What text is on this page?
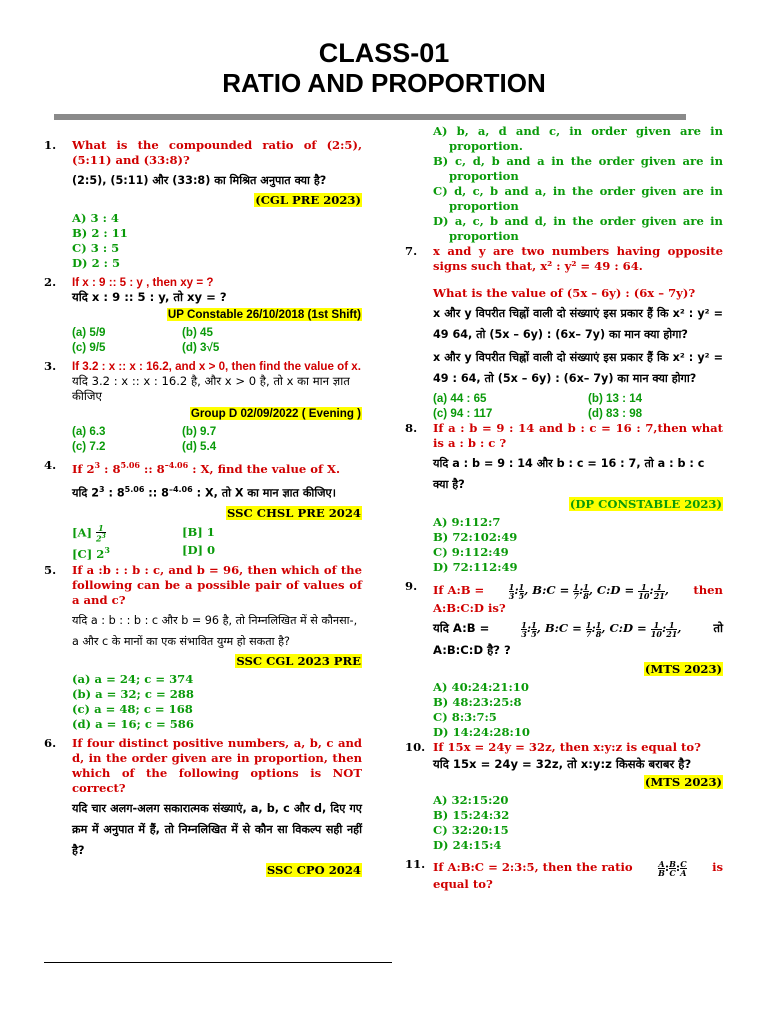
CLASS-01
RATIO AND PROPORTION
1.	What is the compounded ratio of (2:5), (5:11) and (33:8)?
(2:5), (5:11) और (33:8) का मिश्रित अनुपात क्या है?
(CGL PRE 2023)
A) 3 : 4
B) 2 : 11
C) 3 : 5
D) 2 : 5
2.	If x : 9 :: 5 : y , then xy = ?
यदि x : 9 :: 5 : y, तो xy = ?
UP Constable 26/10/2018 (1st Shift)
(a) 5/9	(b) 45
(c) 9/5	(d) 3√5
3.	If 3.2 : x :: x : 16.2, and x > 0, then find the value of x.
यदि 3.2 : x :: x : 16.2 है, और x > 0 है, तो x का मान ज्ञात कीजिए
Group D 02/09/2022 ( Evening )
(a) 6.3	(b) 9.7
(c) 7.2	(d) 5.4
4.	If $2^3$ : $8^{5.06}$ :: $8^{-4.06}$ : X, find the value of X.
यदि $2^3$ : $8^{5.06}$ :: $8^{-4.06}$ : X, तो X का मान ज्ञात कीजिए।
SSC CHSL PRE 2024
$[A] \frac{1}{2^3}$	[B] 1
[C] $2^3$	[D] 0
5.	If a :b : : b : c, and b = 96, then which of the following can be a possible pair of values of a and c?
यदि a : b : : b : c और b = 96 है, तो निम्नलिखित में से कौनसा-, a और c के मानों का एक संभावित युग्म हो सकता है?
SSC CGL 2023 PRE
(a) a = 24; c = 374
(b) a = 32; c = 288
(c) a = 48; c = 168
(d) a = 16; c = 586
6.	If four distinct positive numbers, a, b, c and d, in the order given are in proportion, then which of the following options is NOT correct?
यदि चार अलग-अलग सकारात्मक संख्याएं, a, b, c और d, दिए गए क्रम में अनुपात में हैं, तो निम्नलिखित में से कौन सा विकल्प सही नहीं है?
SSC CPO 2024
A) b, a, d and c, in order given are in proportion.
B) c, d, b and a in the order given are in proportion
C) d, c, b and a, in the order given are in proportion
D) a, c, b and d, in the order given are in proportion
7.	x and y are two numbers having opposite signs such that, x² : y² = 49 : 64.
What is the value of (5x – 6y) : (6x – 7y)?
x और y विपरीत चिह्नों वाली दो संख्याएं इस प्रकार हैं कि x² : y² = 49 64, तो (5x – 6y) : (6x– 7y) का मान क्या होगा?
x और y विपरीत चिह्नों वाली दो संख्याएं इस प्रकार हैं कि x² : y² = 49 : 64, तो (5x – 6y) : (6x– 7y) का मान क्या होगा?
(a) 44 : 65	(b) 13 : 14
(c) 94 : 117	(d) 83 : 98
8.	If a : b = 9 : 14 and b : c = 16 : 7,then what is a : b : c ?
यदि a : b = 9 : 14 और b : c = 16 : 7, तो a : b : c क्या है?
(DP CONSTABLE 2023)
A) 9:112:7
B) 72:102:49
C) 9:112:49
D) 72:112:49
9.	If A:B =	$\frac{1}{3}$ : $\frac{1}{5}$ , B:C = $\frac{1}{7}$ : $\frac{1}{8}$ , C:D = $\frac{1}{10}$ : $\frac{1}{21}$ , then
A:B:C:D is?
यदि A:B =	$\frac{1}{3}$ : $\frac{1}{5}$ , B:C = $\frac{1}{7}$ : $\frac{1}{8}$ , C:D = $\frac{1}{10}$ : $\frac{1}{21}$ ,	तो
A:B:C:D है? ?
(MTS 2023)
A) 40:24:21:10
B) 48:23:25:8
C) 8:3:7:5
D) 14:24:28:10
10. If 15x = 24y = 32z, then x:y:z is equal to?
यदि 15x = 24y = 32z, तो x:y:z किसके बराबर है?
(MTS 2023)
A) 32:15:20
B) 15:24:32
C) 32:20:15
D) 24:15:4
11. If A:B:C = 2:3:5, then the ratio	$\frac{A}{B}$ : $\frac{B}{C}$ : $\frac{C}{A}$ is
equal to?
